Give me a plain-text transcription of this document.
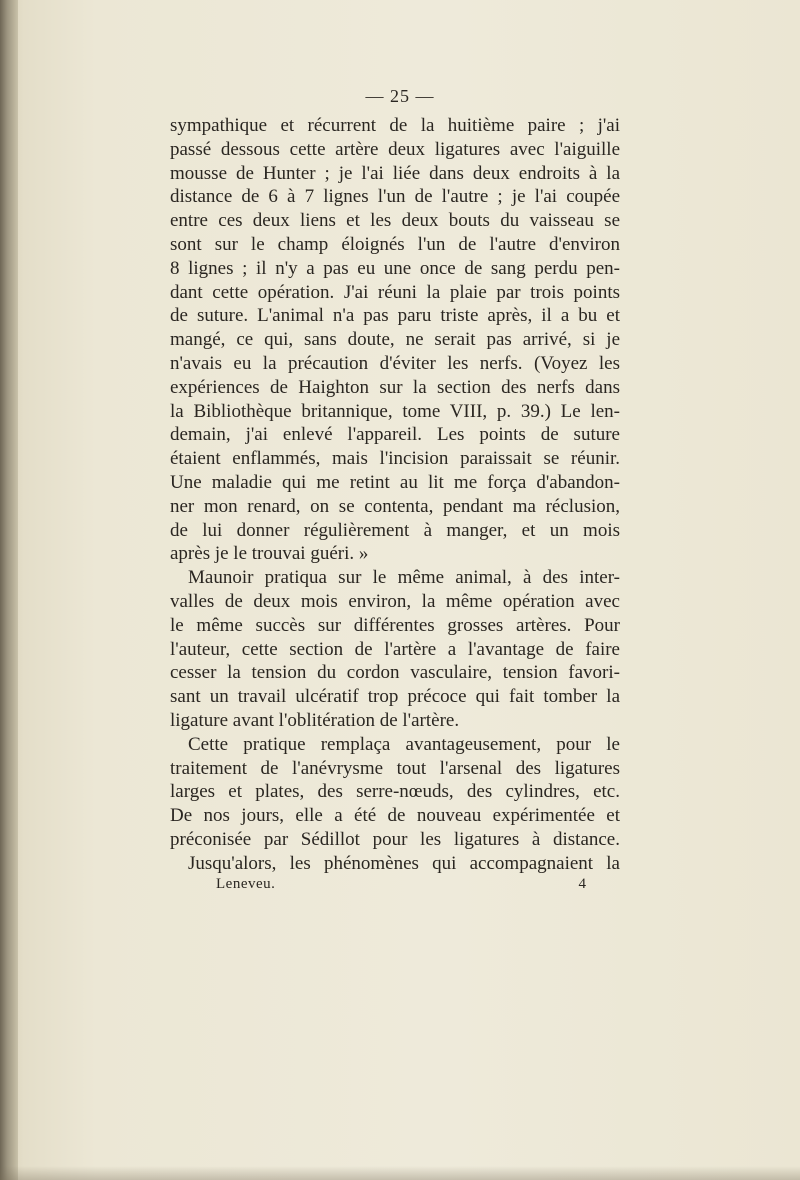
— 25 —
sympathique et récurrent de la huitième paire ; j'ai
passé dessous cette artère deux ligatures avec l'aiguille
mousse de Hunter ; je l'ai liée dans deux endroits à la
distance de 6 à 7 lignes l'un de l'autre ; je l'ai coupée
entre ces deux liens et les deux bouts du vaisseau se
sont sur le champ éloignés l'un de l'autre d'environ
8 lignes ; il n'y a pas eu une once de sang perdu pen-
dant cette opération. J'ai réuni la plaie par trois points
de suture. L'animal n'a pas paru triste après, il a bu et
mangé, ce qui, sans doute, ne serait pas arrivé, si je
n'avais eu la précaution d'éviter les nerfs. (Voyez les
expériences de Haighton sur la section des nerfs dans
la Bibliothèque britannique, tome VIII, p. 39.) Le len-
demain, j'ai enlevé l'appareil. Les points de suture
étaient enflammés, mais l'incision paraissait se réunir.
Une maladie qui me retint au lit me força d'abandon-
ner mon renard, on se contenta, pendant ma réclusion,
de lui donner régulièrement à manger, et un mois
après je le trouvai guéri. »
Maunoir pratiqua sur le même animal, à des inter-
valles de deux mois environ, la même opération avec
le même succès sur différentes grosses artères. Pour
l'auteur, cette section de l'artère a l'avantage de faire
cesser la tension du cordon vasculaire, tension favori-
sant un travail ulcératif trop précoce qui fait tomber la
ligature avant l'oblitération de l'artère.
Cette pratique remplaça avantageusement, pour le
traitement de l'anévrysme tout l'arsenal des ligatures
larges et plates, des serre-nœuds, des cylindres, etc.
De nos jours, elle a été de nouveau expérimentée et
préconisée par Sédillot pour les ligatures à distance.
Jusqu'alors, les phénomènes qui accompagnaient la
Leneveu.	4
